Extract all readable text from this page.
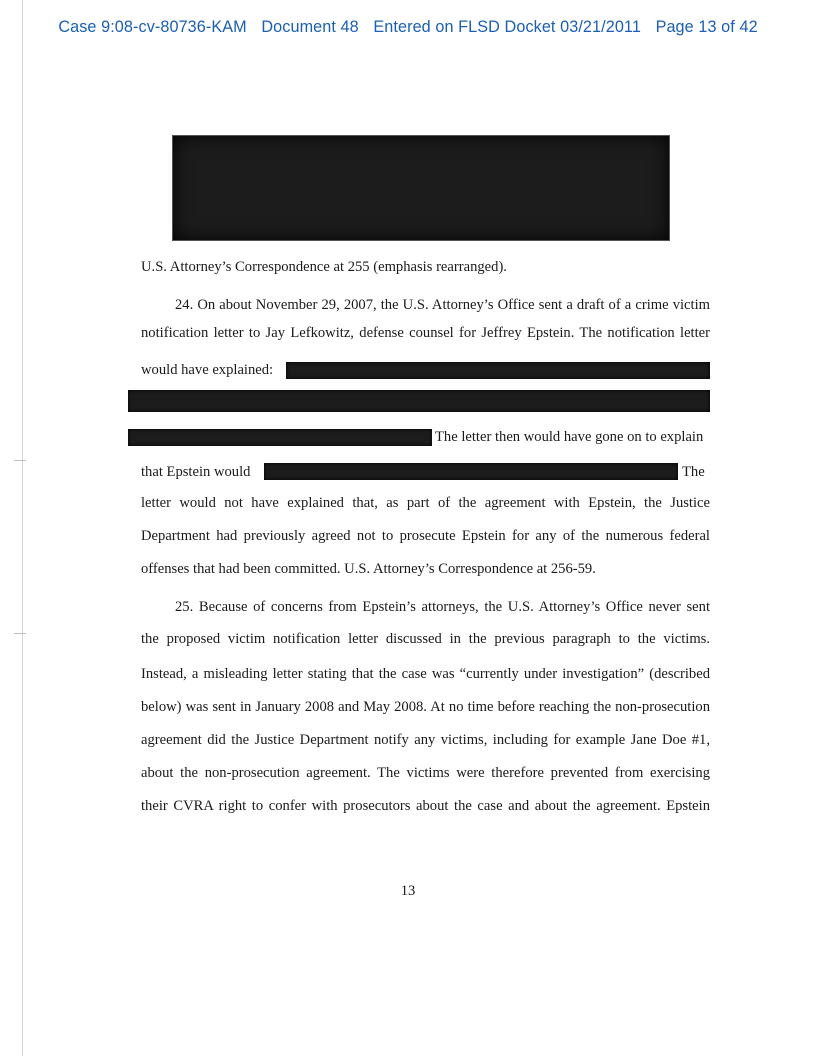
Case 9:08-cv-80736-KAM Document 48 Entered on FLSD Docket 03/21/2011 Page 13 of 42
U.S. Attorney’s Correspondence at 255 (emphasis rearranged).
24. On about November 29, 2007, the U.S. Attorney’s Office sent a draft of a crime victim
notification letter to Jay Lefkowitz, defense counsel for Jeffrey Epstein. The notification letter
would have explained:
The letter then would have gone on to explain
that Epstein would	The
letter would not have explained that, as part of the agreement with Epstein, the Justice
Department had previously agreed not to prosecute Epstein for any of the numerous federal
offenses that had been committed. U.S. Attorney’s Correspondence at 256-59.
25. Because of concerns from Epstein’s attorneys, the U.S. Attorney’s Office never sent
the proposed victim notification letter discussed in the previous paragraph to the victims.
Instead, a misleading letter stating that the case was “currently under investigation” (described
below) was sent in January 2008 and May 2008. At no time before reaching the non-prosecution
agreement did the Justice Department notify any victims, including for example Jane Doe #1,
about the non-prosecution agreement. The victims were therefore prevented from exercising
their CVRA right to confer with prosecutors about the case and about the agreement. Epstein
13
